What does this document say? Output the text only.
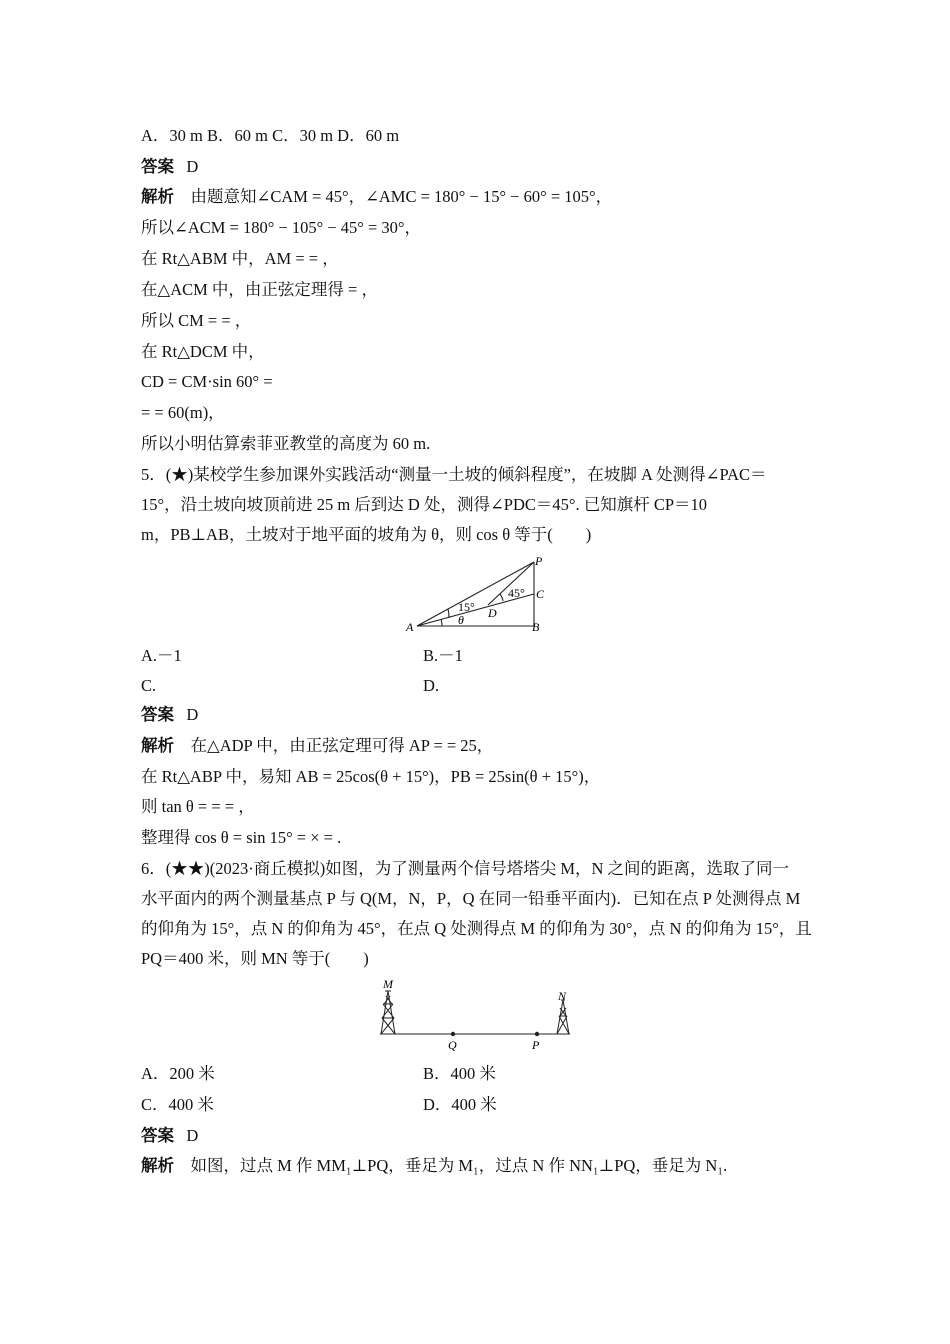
A．30 m B．60 m C．30 m D．60 m
答案 D
解析 由题意知∠CAM = 45°，∠AMC = 180° − 15° − 60° = 105°，
所以∠ACM = 180° − 105° − 45° = 30°，
在 Rt△ABM 中，AM = = ，
在△ACM 中，由正弦定理得 = ，
所以 CM = = ，
在 Rt△DCM 中，
CD = CM·sin 60° =
= = 60(m)，
所以小明估算索菲亚教堂的高度为 60 m.
5．(★)某校学生参加课外实践活动“测量一土坡的倾斜程度”，在坡脚 A 处测得∠PAC＝
15°，沿土坡向坡顶前进 25 m 后到达 D 处，测得∠PDC＝45°. 已知旗杆 CP＝10
m，PB⊥AB，土坡对于地平面的坡角为 θ，则 cos θ 等于(　　)
P
C
B
A
D
θ
15°
45°
A.－1	B.－1
C.	D.
答案 D
解析 在△ADP 中，由正弦定理可得 AP = = 25，
在 Rt△ABP 中，易知 AB = 25cos(θ + 15°)，PB = 25sin(θ + 15°)，
则 tan θ = = = ，
整理得 cos θ = sin 15° = × = .
6．(★★)(2023·商丘模拟)如图，为了测量两个信号塔塔尖 M，N 之间的距离，选取了同一
水平面内的两个测量基点 P 与 Q(M，N，P，Q 在同一铅垂平面内)．已知在点 P 处测得点 M
的仰角为 15°，点 N 的仰角为 45°，在点 Q 处测得点 M 的仰角为 30°，点 N 的仰角为 15°，且
PQ＝400 米，则 MN 等于(　　)
M
N
Q	P
A．200 米	B．400 米
C．400 米	D．400 米
答案 D
解析 如图，过点 M 作 MM₁⊥PQ，垂足为 M₁，过点 N 作 NN₁⊥PQ，垂足为 N₁.
